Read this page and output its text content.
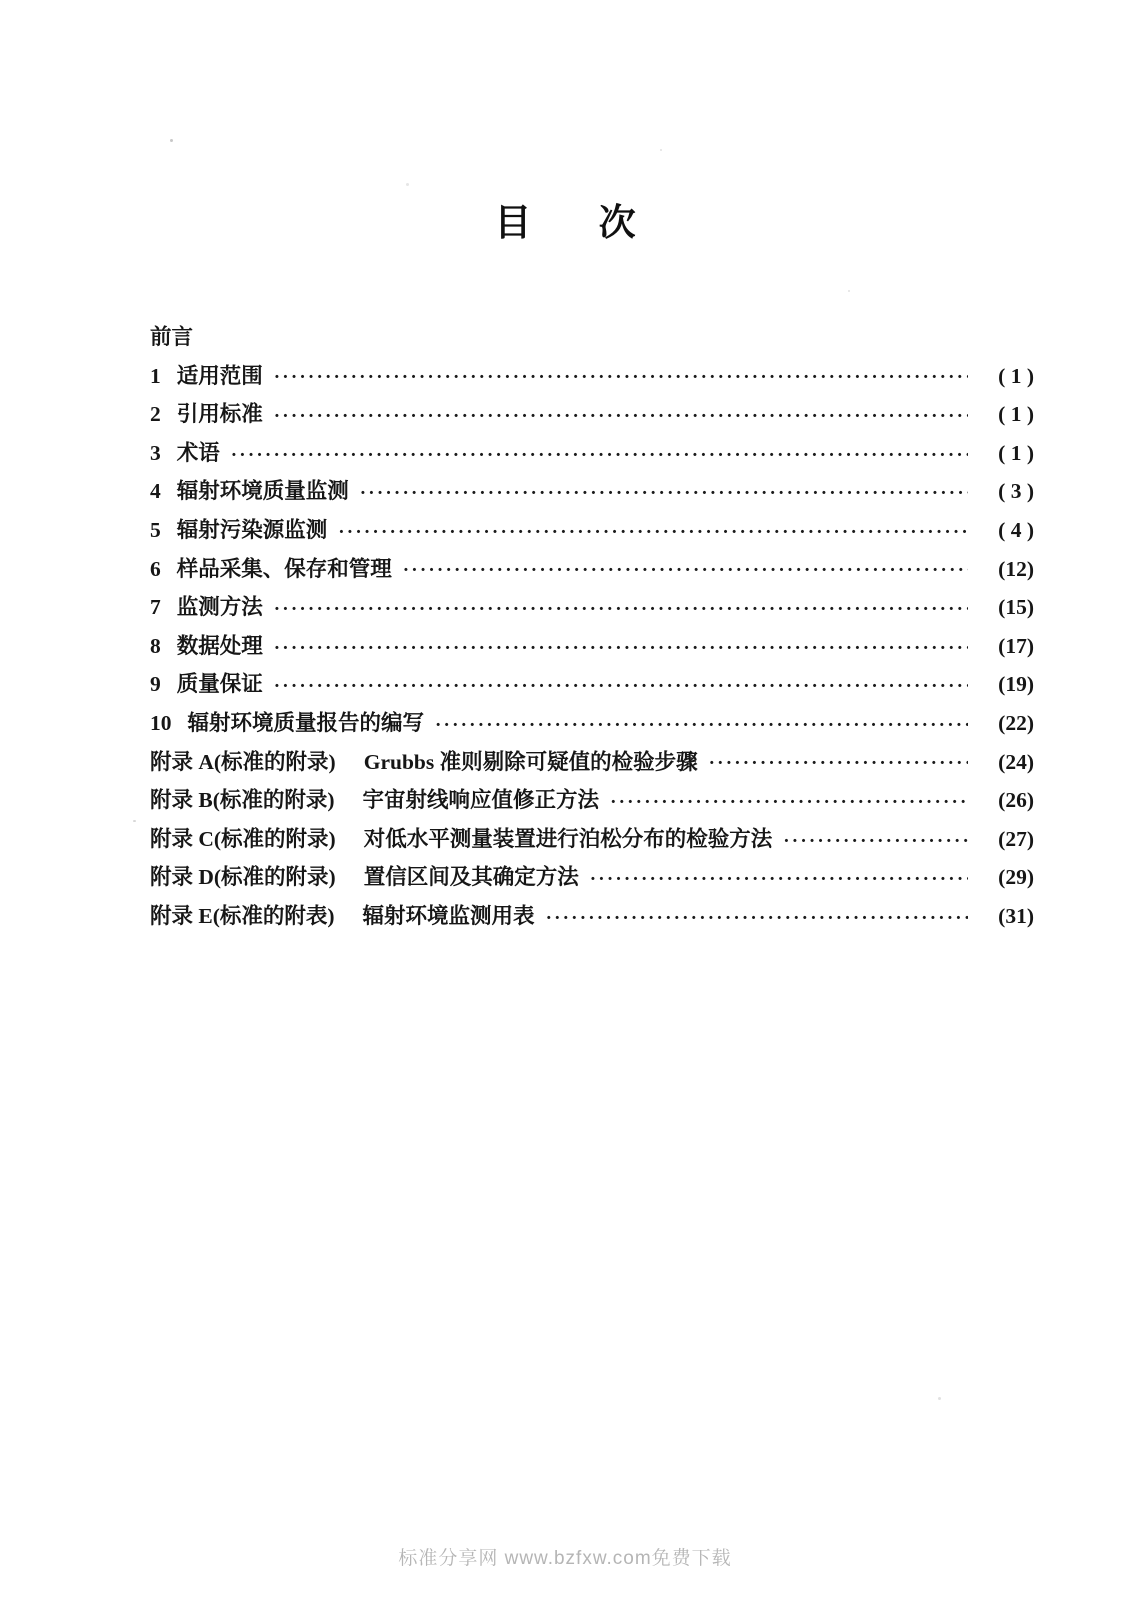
目 次
前言
1 适用范围 ·····	( 1 )
2 引用标准 ·····	( 1 )
3 术语 ·····	( 1 )
4 辐射环境质量监测 ·····	( 3 )
5 辐射污染源监测 ·····	( 4 )
6 样品采集、保存和管理 ·····	(12)
7 监测方法 ·····	(15)
8 数据处理 ·····	(17)
9 质量保证 ·····	(19)
10 辐射环境质量报告的编写 ·····	(22)
附录 A(标准的附录) Grubbs 准则剔除可疑值的检验步骤 ·····	(24)
附录 B(标准的附录) 宇宙射线响应值修正方法 ·····	(26)
附录 C(标准的附录) 对低水平测量装置进行泊松分布的检验方法 ·····	(27)
附录 D(标准的附录) 置信区间及其确定方法 ·····	(29)
附录 E(标准的附表) 辐射环境监测用表 ·····	(31)
标准分享网 www.bzfxw.com免费下载
